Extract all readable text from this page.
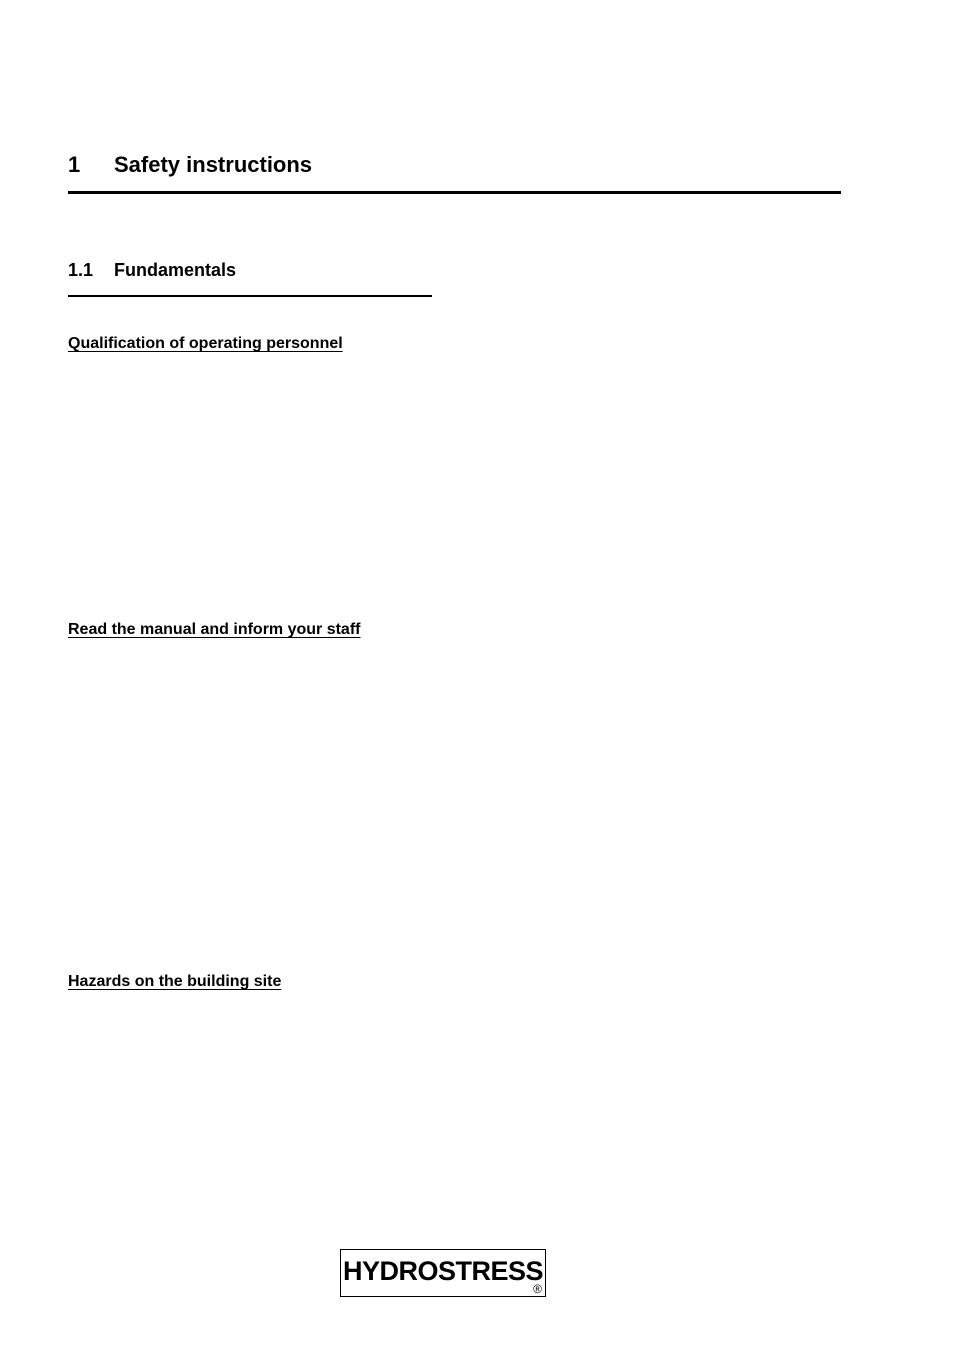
1 Safety instructions
1.1 Fundamentals
Qualification of operating personnel
Read the manual and inform your staff
Hazards on the building site
HYDROSTRESS
®
